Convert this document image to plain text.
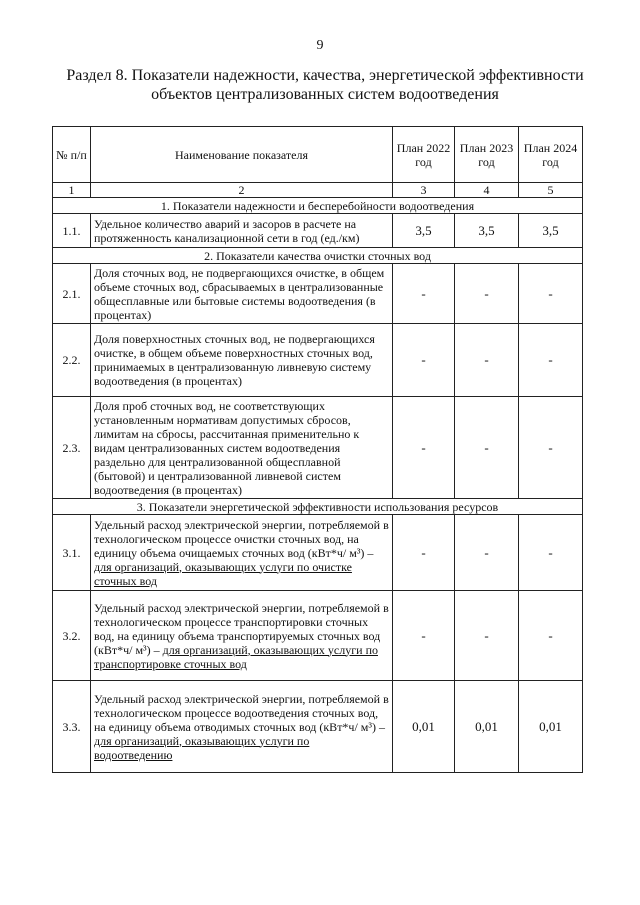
9
Раздел 8. Показатели надежности, качества, энергетической эффективности
объектов централизованных систем водоотведения
№ п/п	Наименование показателя	План 2022 год	План 2023 год	План 2024 год
1	2	3	4	5
1. Показатели надежности и бесперебойности водоотведения				
1.1.	Удельное количество аварий и засоров в расчете на протяженность канализационной сети в год (ед./км)	3,5	3,5	3,5
2. Показатели качества очистки сточных вод				
2.1.	Доля сточных вод, не подвергающихся очистке, в общем объеме сточных вод, сбрасываемых в централизованные общесплавные или бытовые системы водоотведения (в процентах)	-	-	-
2.2.	Доля поверхностных сточных вод, не подвергающихся очистке, в общем объеме поверхностных сточных вод, принимаемых в централизованную ливневую систему водоотведения (в процентах)	-	-	-
2.3.	Доля проб сточных вод, не соответствующих установленным нормативам допустимых сбросов, лимитам на сбросы, рассчитанная применительно к видам централизованных систем водоотведения раздельно для централизованной общесплавной (бытовой) и централизованной ливневой систем водоотведения (в процентах)	-	-	-
3. Показатели энергетической эффективности использования ресурсов				
3.1.	Удельный расход электрической энергии, потребляемой в технологическом процессе очистки сточных вод, на единицу объема очищаемых сточных вод (кВт*ч/ м³) – для организаций, оказывающих услуги по очистке сточных вод	-	-	-
3.2.	Удельный расход электрической энергии, потребляемой в технологическом процессе транспортировки сточных вод, на единицу объема транспортируемых сточных вод (кВт*ч/ м³) – для организаций, оказывающих услуги по транспортировке сточных вод	-	-	-
3.3.	Удельный расход электрической энергии, потребляемой в технологическом процессе водоотведения сточных вод, на единицу объема отводимых сточных вод (кВт*ч/ м³) – для организаций, оказывающих услуги по водоотведению	0,01	0,01	0,01
